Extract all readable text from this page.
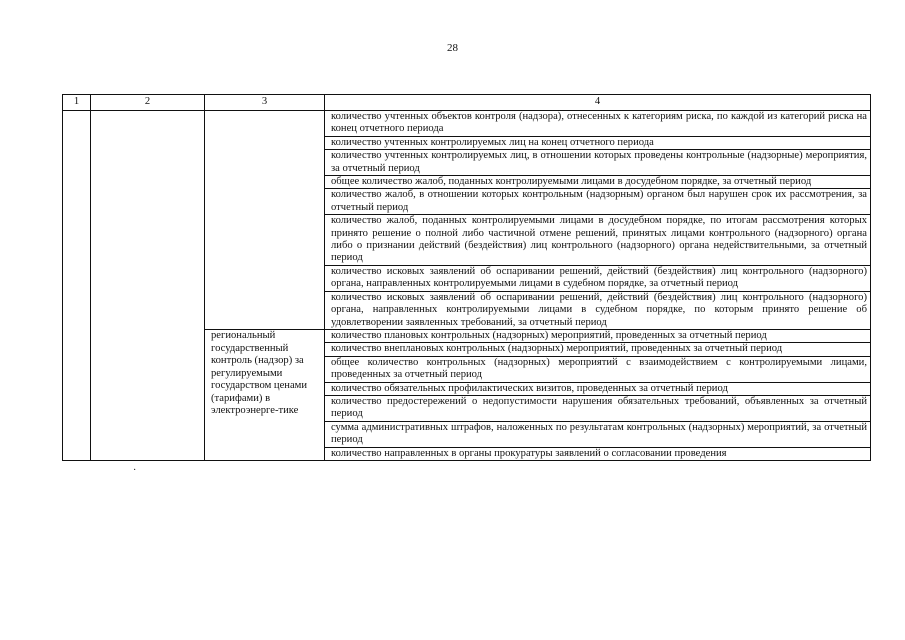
28
1	2	3	4
			количество учтенных объектов контроля (надзора), отнесенных к категориям риска, по каждой из категорий риска на конец отчетного периода
			количество учтенных контролируемых лиц на конец отчетного периода
			количество учтенных контролируемых лиц, в отношении которых проведены контрольные (надзорные) мероприятия, за отчетный период
			общее количество жалоб, поданных контролируемыми лицами в досудебном порядке, за отчетный период
			количество жалоб, в отношении которых контрольным (надзорным) органом был нарушен срок их рассмотрения, за отчетный период
			количество жалоб, поданных контролируемыми лицами в досудебном порядке, по итогам рассмотрения которых принято решение о полной либо частичной отмене решений, принятых лицами контрольного (надзорного) органа либо о признании действий (бездействия) лиц контрольного (надзорного) органа недействительными, за отчетный период
			количество исковых заявлений об оспаривании решений, действий (бездействия) лиц контрольного (надзорного) органа, направленных контролируемыми лицами в судебном порядке, за отчетный период
			количество исковых заявлений об оспаривании решений, действий (бездействия) лиц контрольного (надзорного) органа, направленных контролируемыми лицами в судебном порядке, по которым принято решение об удовлетворении заявленных требований, за отчетный период
		региональный государственный контроль (надзор) за регулируемыми государством ценами (тарифами) в электроэнерге-тике	количество плановых контрольных (надзорных) мероприятий, проведенных за отчетный период
			количество внеплановых контрольных (надзорных) мероприятий, проведенных за отчетный период
			общее количество контрольных (надзорных) мероприятий с взаимодействием с контролируемыми лицами, проведенных за отчетный период
			количество обязательных профилактических визитов, проведенных за отчетный период
			количество предостережений о недопустимости нарушения обязательных требований, объявленных за отчетный период
			сумма административных штрафов, наложенных по результатам контрольных (надзорных) мероприятий, за отчетный период
			количество направленных в органы прокуратуры заявлений о согласовании проведения
·
